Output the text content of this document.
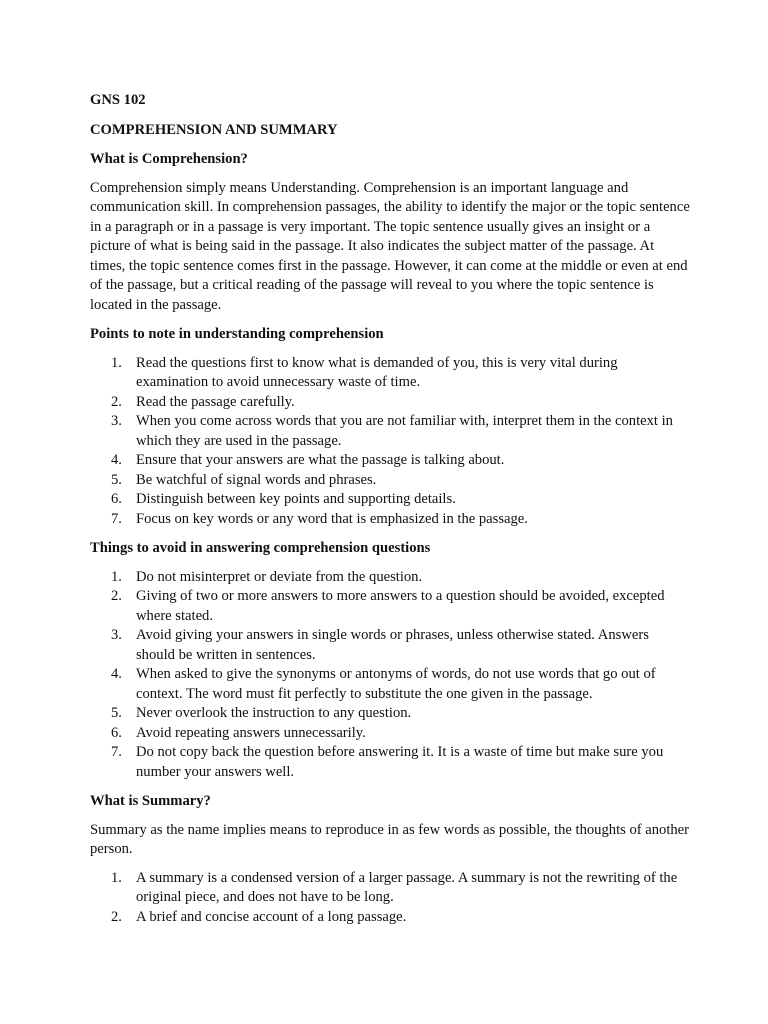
GNS 102

COMPREHENSION AND SUMMARY

What is Comprehension?

Comprehension simply means Understanding. Comprehension is an important language and communication skill. In comprehension passages, the ability to identify the major or the topic sentence in a paragraph or in a passage is very important. The topic sentence usually gives an insight or a picture of what is being said in the passage. It also indicates the subject matter of the passage. At times, the topic sentence comes first in the passage. However, it can come at the middle or even at end of the passage, but a critical reading of the passage will reveal to you where the topic sentence is located in the passage.

Points to note in understanding comprehension

1. Read the questions first to know what is demanded of you, this is very vital during examination to avoid unnecessary waste of time.
2. Read the passage carefully.
3. When you come across words that you are not familiar with, interpret them in the context in which they are used in the passage.
4. Ensure that your answers are what the passage is talking about.
5. Be watchful of signal words and phrases.
6. Distinguish between key points and supporting details.
7. Focus on key words or any word that is emphasized in the passage.

Things to avoid in answering comprehension questions

1. Do not misinterpret or deviate from the question.
2. Giving of two or more answers to more answers to a question should be avoided, excepted where stated.
3. Avoid giving your answers in single words or phrases, unless otherwise stated. Answers should be written in sentences.
4. When asked to give the synonyms or antonyms of words, do not use words that go out of context. The word must fit perfectly to substitute the one given in the passage.
5. Never overlook the instruction to any question.
6. Avoid repeating answers unnecessarily.
7. Do not copy back the question before answering it. It is a waste of time but make sure you number your answers well.

What is Summary?

Summary as the name implies means to reproduce in as few words as possible, the thoughts of another person.

1. A summary is a condensed version of a larger passage. A summary is not the rewriting of the original piece, and does not have to be long.
2. A brief and concise account of a long passage.
